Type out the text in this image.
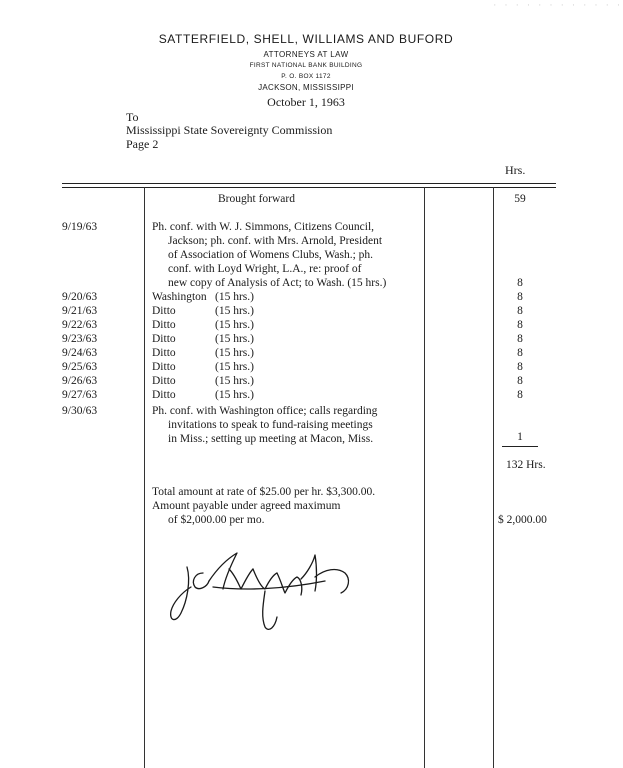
· · · · · · · · · · · ·
SATTERFIELD, SHELL, WILLIAMS AND BUFORD
ATTORNEYS AT LAW
FIRST NATIONAL BANK BUILDING
P. O. BOX 1172
JACKSON, MISSISSIPPI
October 1, 1963
To
Mississippi State Sovereignty Commission
Page 2
Hrs.
Brought forward	59
9/19/63	Ph. conf. with W. J. Simmons, Citizens Council,
Jackson; ph. conf. with Mrs. Arnold, President
of Association of Womens Clubs, Wash.; ph.
conf. with Loyd Wright, L.A., re: proof of
new copy of Analysis of Act; to Wash. (15 hrs.)	8
9/20/63	Washington (15 hrs.)	8
9/21/63	Ditto	(15 hrs.)	8
9/22/63	Ditto	(15 hrs.)	8
9/23/63	Ditto	(15 hrs.)	8
9/24/63	Ditto	(15 hrs.)	8
9/25/63	Ditto	(15 hrs.)	8
9/26/63	Ditto	(15 hrs.)	8
9/27/63	Ditto	(15 hrs.)	8
9/30/63	Ph. conf. with Washington office; calls regarding
invitations to speak to fund-raising meetings
in Miss.; setting up meeting at Macon, Miss.	1
132 Hrs.
Total amount at rate of $25.00 per hr. $3,300.00.
Amount payable under agreed maximum
of $2,000.00 per mo.	$ 2,000.00
